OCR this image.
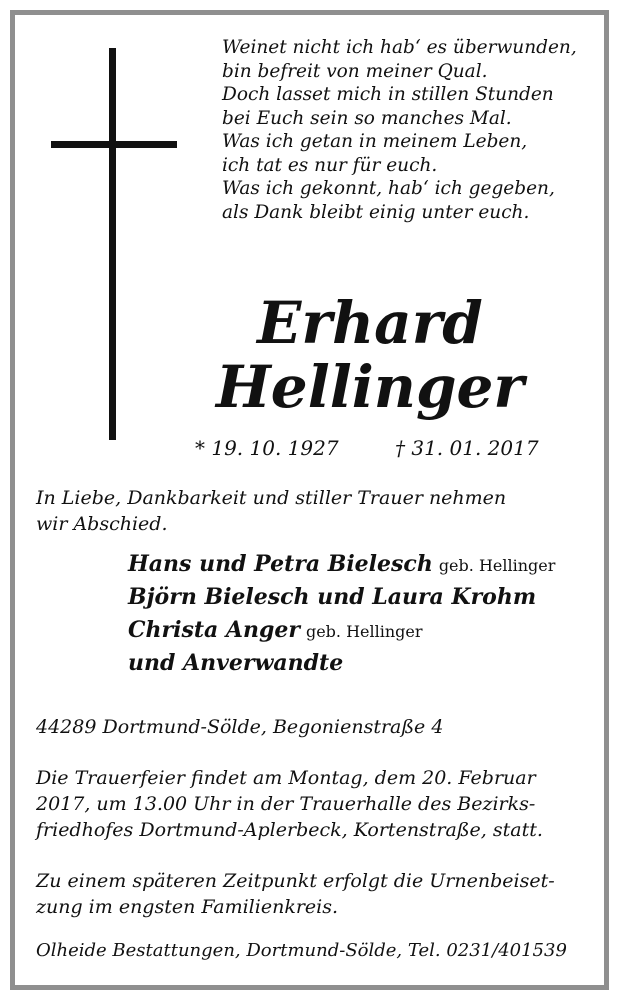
Weinet nicht ich hab‘ es überwunden,
bin befreit von meiner Qual.
Doch lasset mich in stillen Stunden
bei Euch sein so manches Mal.
Was ich getan in meinem Leben,
ich tat es nur für euch.
Was ich gekonnt, hab‘ ich gegeben,
als Dank bleibt einig unter euch.
Erhard
Hellinger
* 19. 10. 1927	† 31. 01. 2017
In Liebe, Dankbarkeit und stiller Trauer nehmen
wir Abschied.
Hans und Petra Bielesch geb. Hellinger
Björn Bielesch und Laura Krohm
Christa Anger geb. Hellinger
und Anverwandte
44289 Dortmund-Sölde, Begonienstraße 4
Die Trauerfeier findet am Montag, dem 20. Februar
2017, um 13.00 Uhr in der Trauerhalle des Bezirks-
friedhofes Dortmund-Aplerbeck, Kortenstraße, statt.
Zu einem späteren Zeitpunkt erfolgt die Urnenbeiset-
zung im engsten Familienkreis.
Olheide Bestattungen, Dortmund-Sölde, Tel. 0231/401539
